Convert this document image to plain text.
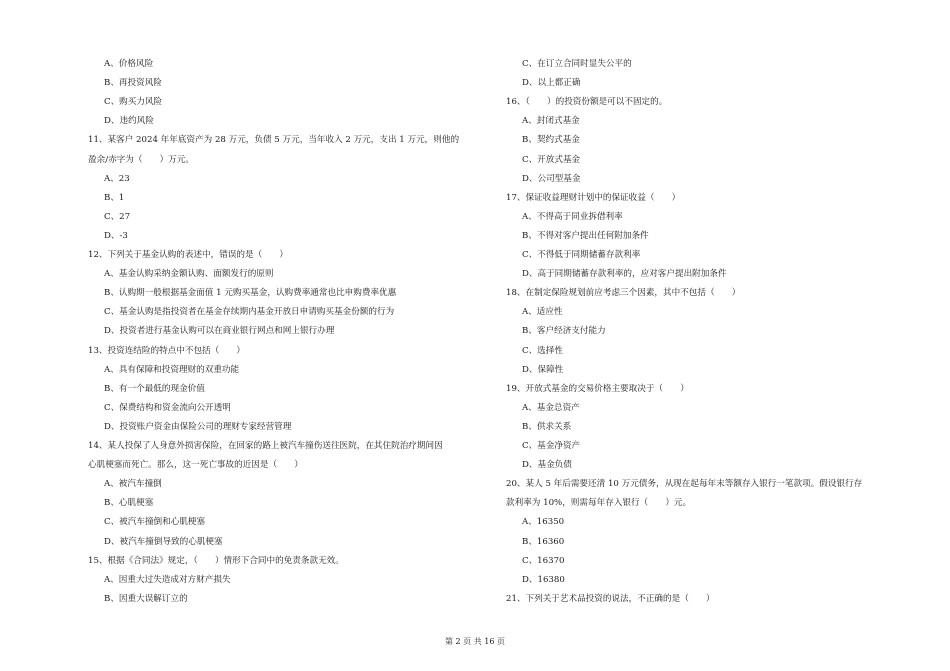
A、价格风险
B、再投资风险
C、购买力风险
D、违约风险
11、某客户 2024 年年底资产为 28 万元，负债 5 万元，当年收入 2 万元，支出 1 万元，则他的
盈余/赤字为（　　）万元。
A、23
B、1
C、27
D、-3
12、下列关于基金认购的表述中，错误的是（　　）
A、基金认购采纳金额认购、面额发行的原则
B、认购期一般根据基金面值 1 元购买基金，认购费率通常也比申购费率优惠
C、基金认购是指投资者在基金存续期内基金开放日申请购买基金份额的行为
D、投资者进行基金认购可以在商业银行网点和网上银行办理
13、投资连结险的特点中不包括（　　）
A、具有保障和投资理财的双重功能
B、有一个最低的现金价值
C、保费结构和资金流向公开透明
D、投资账户资金由保险公司的理财专家经营管理
14、某人投保了人身意外损害保险，在回家的路上被汽车撞伤送往医院，在其住院治疗期间因
心肌梗塞而死亡。那么，这一死亡事故的近因是（　　）
A、被汽车撞倒
B、心肌梗塞
C、被汽车撞倒和心肌梗塞
D、被汽车撞倒导致的心肌梗塞
15、根据《合同法》规定，（　　）情形下合同中的免责条款无效。
A、因重大过失造成对方财产损失
B、因重大误解订立的
C、在订立合同时显失公平的
D、以上都正确
16、（　　）的投资份额是可以不固定的。
A、封闭式基金
B、契约式基金
C、开放式基金
D、公司型基金
17、保证收益理财计划中的保证收益（　　）
A、不得高于同业拆借利率
B、不得对客户提出任何附加条件
C、不得低于同期储蓄存款利率
D、高于同期储蓄存款利率的，应对客户提出附加条件
18、在制定保险规划前应考虑三个因素，其中不包括（　　）
A、适应性
B、客户经济支付能力
C、选择性
D、保障性
19、开放式基金的交易价格主要取决于（　　）
A、基金总资产
B、供求关系
C、基金净资产
D、基金负债
20、某人 5 年后需要还清 10 万元债务，从现在起每年末等额存入银行一笔款项。假设银行存
款利率为 10%，则需每年存入银行（　　）元。
A、16350
B、16360
C、16370
D、16380
21、下列关于艺术品投资的说法，不正确的是（　　）
第 2 页 共 16 页
